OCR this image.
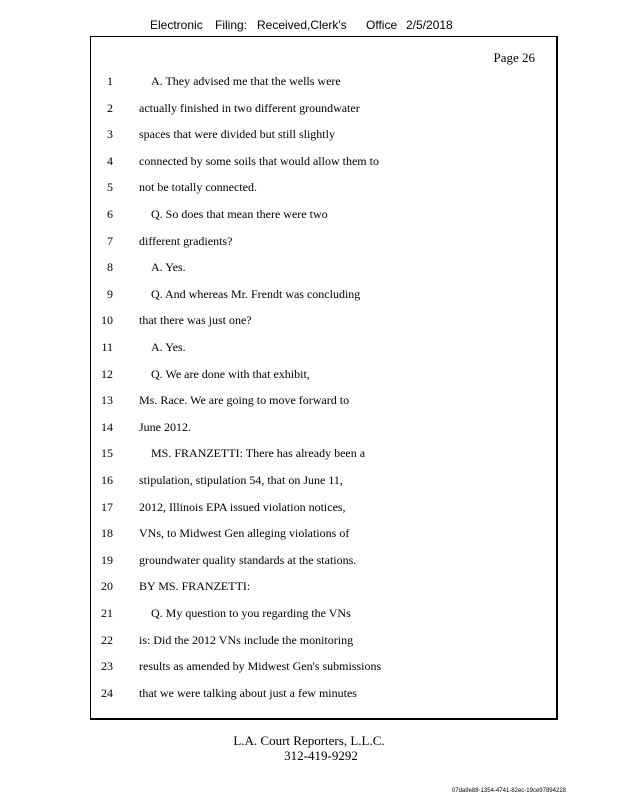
Electronic Filing: Received,Clerk's Office 2/5/2018
Page 26
1	A. They advised me that the wells were
2 actually finished in two different groundwater
3 spaces that were divided but still slightly
4 connected by some soils that would allow them to
5 not be totally connected.
6	Q. So does that mean there were two
7 different gradients?
8	A. Yes.
9	Q. And whereas Mr. Frendt was concluding
10 that there was just one?
11	A. Yes.
12	Q. We are done with that exhibit,
13 Ms. Race. We are going to move forward to
14 June 2012.
15	MS. FRANZETTI: There has already been a
16 stipulation, stipulation 54, that on June 11,
17 2012, Illinois EPA issued violation notices,
18 VNs, to Midwest Gen alleging violations of
19 groundwater quality standards at the stations.
20 BY MS. FRANZETTI:
21	Q. My question to you regarding the VNs
22 is: Did the 2012 VNs include the monitoring
23 results as amended by Midwest Gen's submissions
24 that we were talking about just a few minutes
L.A. Court Reporters, L.L.C.
312-419-9292
07da9e88-1354-4741-82ec-19ce97894228
